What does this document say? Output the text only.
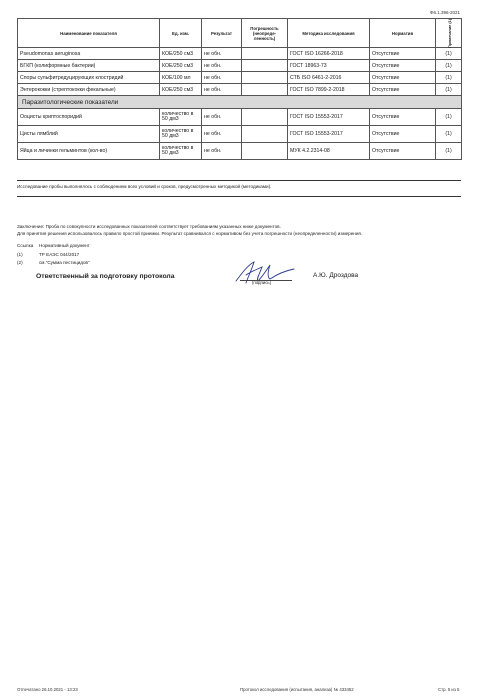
Ф6.1.396-2021
Наименование показателя	Ед. изм.	Результат	Погрешность (неопреде-ленность)	Методика исследования	Норматив	Примечание (1)
Pseudomonas aeruginosa	КОЕ/250 см3	не обн.		ГОСТ ISO 16266-2018	Отсутствие	(1)
БГКП (колиформные бактерии)	КОЕ/250 см3	не обн.		ГОСТ 18963-73	Отсутствие	(1)
Споры сульфитредуцирующих клостридий	КОЕ/100 мл	не обн.		СТБ ISO 6461-2-2016	Отсутствие	(1)
Энтерококки (стрептококки фекальные)	КОЕ/250 см3	не обн.		ГОСТ ISO 7899-2-2018	Отсутствие	(1)
Паразитологические показатели						
Ооцисты криптоспоридий	количество в 50 дм3	не обн.		ГОСТ ISO 15553-2017	Отсутствие	(1)
Цисты лямблий	количество в 50 дм3	не обн.		ГОСТ ISO 15553-2017	Отсутствие	(1)
Яйца и личинки гельминтов (кол-во)	количество в 50 дм3	не обн.		МУК 4.2.2314-08	Отсутствие	(1)
Исследование пробы выполнялось с соблюдением всех условий и сроков, предусмотренных методикой (методиками).
Заключение: Проба по совокупности исследованных показателей соответствует требованиям указанных ниже документов.
Для принятия решения использовалось правило простой приемки. Результат сравнивался с нормативом без учета погрешности (неопределенности) измерения.
Ссылка	Нормативный документ
(1)	ТР ЕАЭС 044/2017
(2)	см."Сумма пестицидов"
Ответственный за подготовку протокола
(подпись)
А.Ю. Дроздова
Отпечатано 26.10.2021 - 13:23	Протокол исследования (испытания, анализа) № 433452	Стр. 5 из 5
